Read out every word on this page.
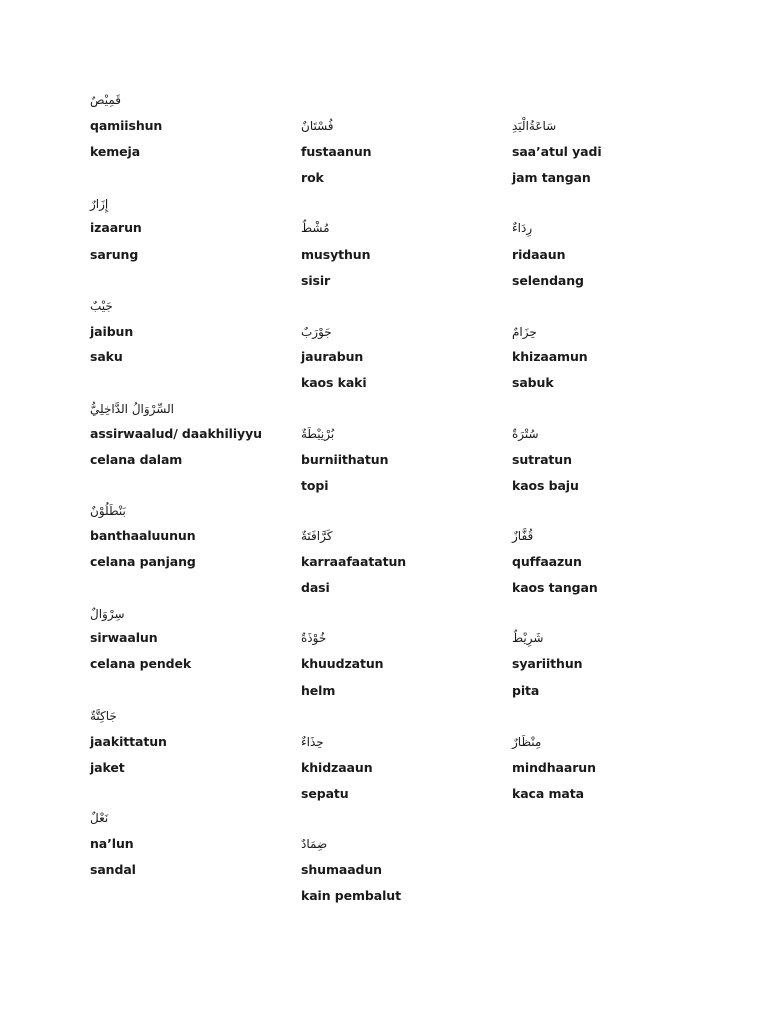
قَمِيْصٌ
qamiishun
kemeja
إِزَارٌ
izaarun
sarung
جَيْبٌ
jaibun
saku
السِّرْوَالُ الدَّاخِلِيُّ
assirwaalud/ daakhiliyyu
celana dalam
بَنْطَلُوْنٌ
banthaaluunun
celana panjang
سِرْوَالٌ
sirwaalun
celana pendek
جَاكِتَّةٌ
jaakittatun
jaket
نَعْلٌ
na’lun
sandal
فُسْتَانٌ
fustaanun
rok
مُشْطٌ
musythun
sisir
جَوْرَبٌ
jaurabun
kaos kaki
بُرْنِيْطَةٌ
burniithatun
topi
كَرَّافَتَةٌ
karraafaatatun
dasi
خُوْذَةٌ
khuudzatun
helm
حِذَاءٌ
khidzaaun
sepatu
ضِمَادٌ
shumaadun
kain pembalut
سَاعَةُالْيَدِ
saa’atul yadi
jam tangan
رِدَاءٌ
ridaaun
selendang
حِزَامٌ
khizaamun
sabuk
سُتْرَةٌ
sutratun
kaos baju
قُفَّازٌ
quffaazun
kaos tangan
شَرِيْطٌ
syariithun
pita
مِنْظَارٌ
mindhaarun
kaca mata
